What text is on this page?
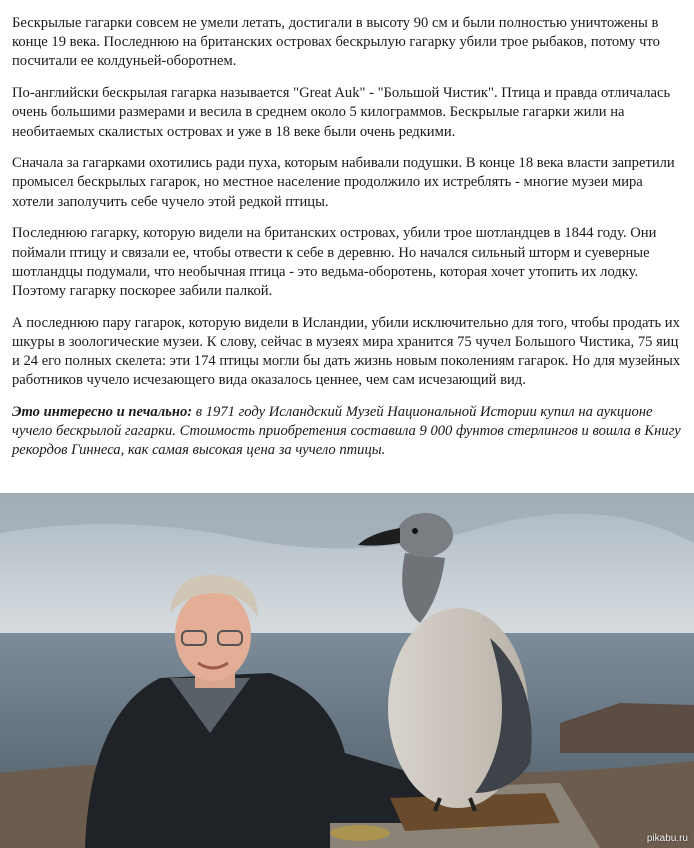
Бескрылые гагарки совсем не умели летать, достигали в высоту 90 см и были полностью уничтожены в конце 19 века. Последнюю на британских островах бескрылую гагарку убили трое рыбаков, потому что посчитали ее колдуньей-оборотнем.

По-английски бескрылая гагарка называется "Great Auk" - "Большой Чистик". Птица и правда отличалась очень большими размерами и весила в среднем около 5 килограммов. Бескрылые гагарки жили на необитаемых скалистых островах и уже в 18 веке были очень редкими.

Сначала за гагарками охотились ради пуха, которым набивали подушки. В конце 18 века власти запретили промысел бескрылых гагарок, но местное население продолжило их истреблять - многие музеи мира хотели заполучить себе чучело этой редкой птицы.

Последнюю гагарку, которую видели на британских островах, убили трое шотландцев в 1844 году. Они поймали птицу и связали ее, чтобы отвести к себе в деревню. Но начался сильный шторм и суеверные шотландцы подумали, что необычная птица - это ведьма-оборотень, которая хочет утопить их лодку. Поэтому гагарку поскорее забили палкой.

А последнюю пару гагарок, которую видели в Исландии, убили исключительно для того, чтобы продать их шкуры в зоологические музеи. К слову, сейчас в музеях мира хранится 75 чучел Большого Чистика, 75 яиц и 24 его полных скелета: эти 174 птицы могли бы дать жизнь новым поколениям гагарок. Но для музейных работников чучело исчезающего вида оказалось ценнее, чем сам исчезающий вид.

Это интересно и печально: в 1971 году Исландский Музей Национальной Истории купил на аукционе чучело бескрылой гагарки. Стоимость приобретения составила 9 000 фунтов стерлингов и вошла в Книгу рекордов Гиннеса, как самая высокая цена за чучело птицы.

pikabu.ru
